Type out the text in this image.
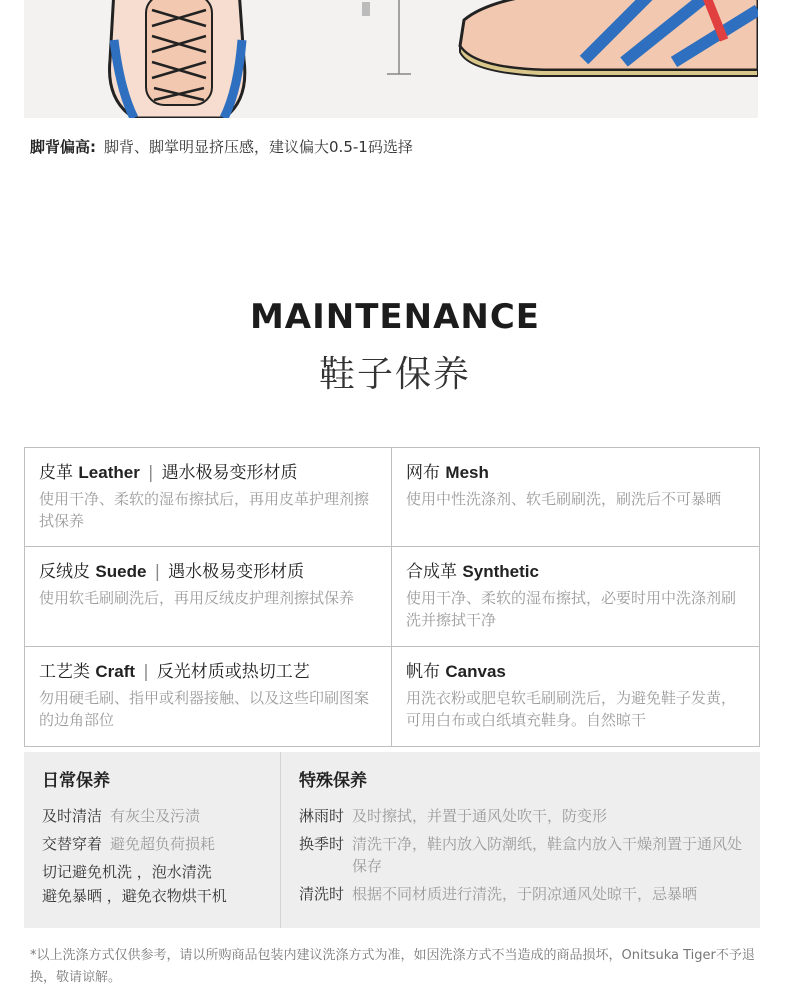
脚背偏高: 脚背、脚掌明显挤压感，建议偏大0.5-1码选择
MAINTENANCE
鞋子保养
皮革 Leather | 遇水极易变形材质
使用干净、柔软的湿布擦拭后，再用皮革护理剂擦拭保养
网布 Mesh
使用中性洗涤剂、软毛刷刷洗，刷洗后不可暴晒
反绒皮 Suede | 遇水极易变形材质
使用软毛刷刷洗后，再用反绒皮护理剂擦拭保养
合成革 Synthetic
使用干净、柔软的湿布擦拭，必要时用中洗涤剂刷洗并擦拭干净
工艺类 Craft | 反光材质或热切工艺
勿用硬毛刷、指甲或利器接触、以及这些印刷图案的边角部位
帆布 Canvas
用洗衣粉或肥皂软毛刷刷洗后，为避免鞋子发黄，可用白布或白纸填充鞋身。自然晾干
日常保养
及时清洁 有灰尘及污渍
交替穿着 避免超负荷损耗
切记避免机洗 ，泡水清洗
避免暴晒 ，避免衣物烘干机
特殊保养
淋雨时 及时擦拭，并置于通风处吹干，防变形
换季时 清洗干净，鞋内放入防潮纸，鞋盒内放入干燥剂置于通风处保存
清洗时 根据不同材质进行清洗，于阴凉通风处晾干，忌暴晒
*以上洗涤方式仅供参考，请以所购商品包装内建议洗涤方式为准，如因洗涤方式不当造成的商品损坏，Onitsuka Tiger不予退换，敬请谅解。
